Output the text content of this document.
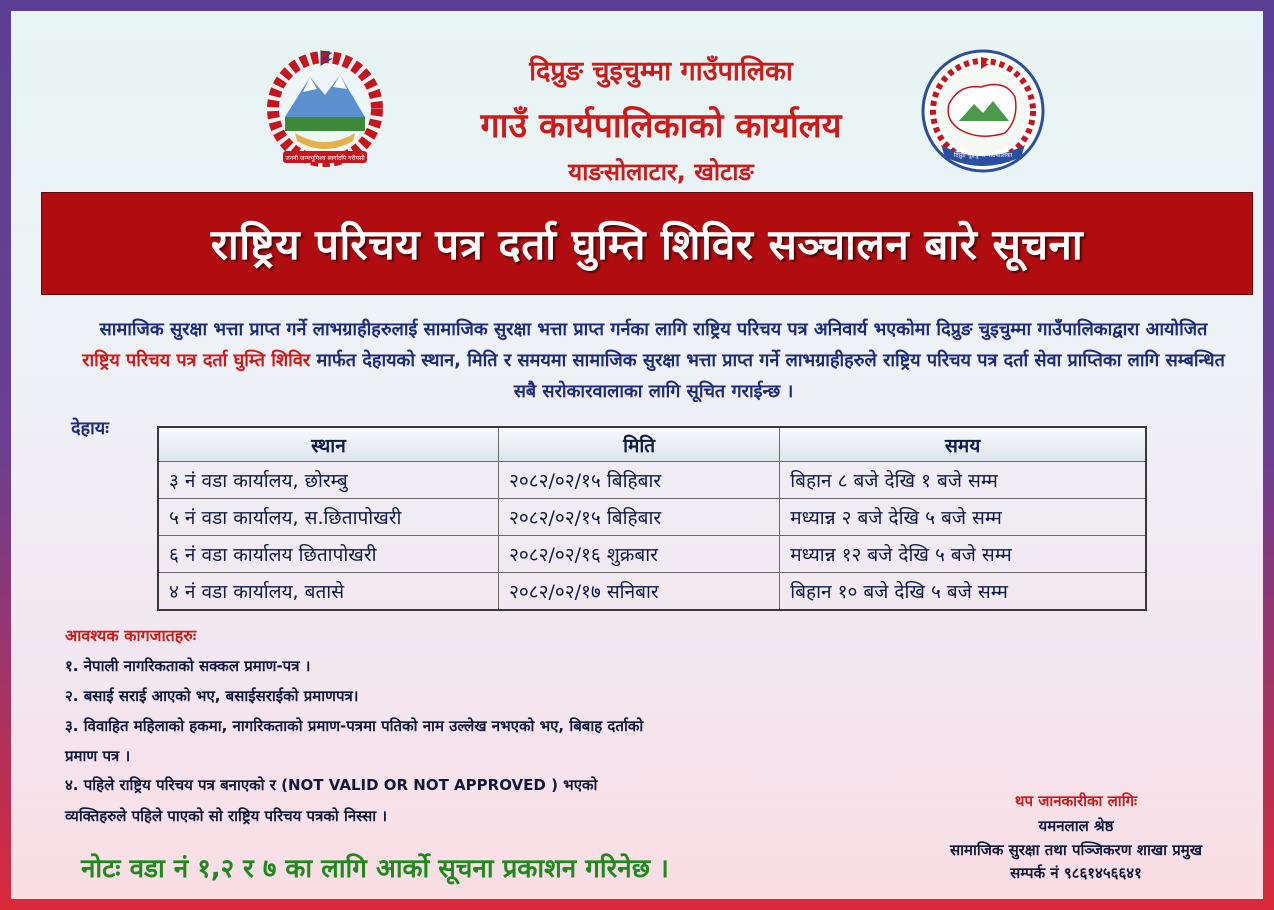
जननी जन्मभूमिश्च स्वर्गादपि गरीयसी	दिप्रुङ चुइचुम्मा गाउँपालिका
दिप्रुङ चुइचुम्मा गाउँपालिका
गाउँ कार्यपालिकाको कार्यालय
याङसोलाटार, खोटाङ
राष्ट्रिय परिचय पत्र दर्ता घुम्ति शिविर सञ्चालन बारे सूचना
सामाजिक सुरक्षा भत्ता प्राप्त गर्ने लाभग्राहीहरुलाई सामाजिक सुरक्षा भत्ता प्राप्त गर्नका लागि राष्ट्रिय परिचय पत्र अनिवार्य भएकोमा दिप्रुङ चुइचुम्मा गाउँपालिकाद्वारा आयोजित राष्ट्रिय परिचय पत्र दर्ता घुम्ति शिविर मार्फत देहायको स्थान, मिति र समयमा सामाजिक सुरक्षा भत्ता प्राप्त गर्ने लाभग्राहीहरुले राष्ट्रिय परिचय पत्र दर्ता सेवा प्राप्तिका लागि सम्बन्धित सबै सरोकारवालाका लागि सूचित गराईन्छ ।
देहायः
स्थान	मिति	समय
३ नं वडा कार्यालय, छोरम्बु	२०८२/०२/१५ बिहिबार	बिहान ८ बजे देखि १ बजे सम्म
५ नं वडा कार्यालय, स.छितापोखरी	२०८२/०२/१५ बिहिबार	मध्यान्न २ बजे देखि ५ बजे सम्म
६ नं वडा कार्यालय छितापोखरी	२०८२/०२/१६ शुक्रबार	मध्यान्न १२ बजे देखि ५ बजे सम्म
४ नं वडा कार्यालय, बतासे	२०८२/०२/१७ सनिबार	बिहान १० बजे देखि ५ बजे सम्म
आवश्यक कागजातहरुः
१. नेपाली नागरिकताको सक्कल प्रमाण-पत्र ।
२. बसाई सराई आएको भए, बसाईसराईको प्रमाणपत्र।
३. विवाहित महिलाको हकमा, नागरिकताको प्रमाण-पत्रमा पतिको नाम उल्लेख नभएको भए, बिबाह दर्ताको
प्रमाण पत्र ।
४. पहिले राष्ट्रिय परिचय पत्र बनाएको र (NOT VALID OR NOT APPROVED ) भएको
व्यक्तिहरुले पहिले पाएको सो राष्ट्रिय परिचय पत्रको निस्सा ।
नोटः वडा नं १,२ र ७ का लागि आर्को सूचना प्रकाशन गरिनेछ ।
थप जानकारीका लागिः
यमनलाल श्रेष्ठ
सामाजिक सुरक्षा तथा पञ्जिकरण शाखा प्रमुख
सम्पर्क नं ९८६१४५६६४१
